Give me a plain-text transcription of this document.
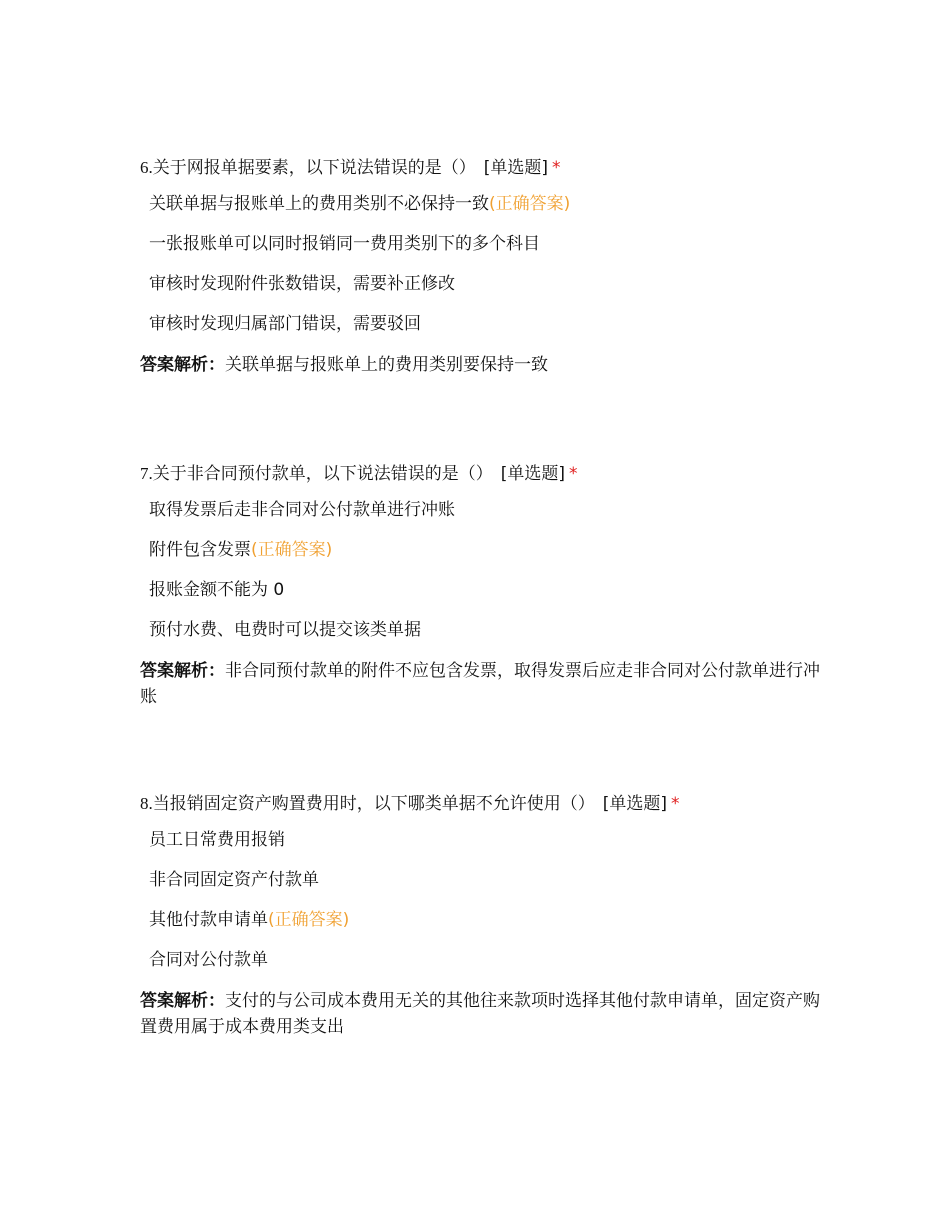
6.关于网报单据要素，以下说法错误的是（） [单选题] *
关联单据与报账单上的费用类别不必保持一致(正确答案)
一张报账单可以同时报销同一费用类别下的多个科目
审核时发现附件张数错误，需要补正修改
审核时发现归属部门错误，需要驳回
答案解析：关联单据与报账单上的费用类别要保持一致
7.关于非合同预付款单，以下说法错误的是（） [单选题] *
取得发票后走非合同对公付款单进行冲账
附件包含发票(正确答案)
报账金额不能为 0
预付水费、电费时可以提交该类单据
答案解析：非合同预付款单的附件不应包含发票，取得发票后应走非合同对公付款单进行冲账
8.当报销固定资产购置费用时，以下哪类单据不允许使用（） [单选题] *
员工日常费用报销
非合同固定资产付款单
其他付款申请单(正确答案)
合同对公付款单
答案解析：支付的与公司成本费用无关的其他往来款项时选择其他付款申请单，固定资产购置费用属于成本费用类支出
